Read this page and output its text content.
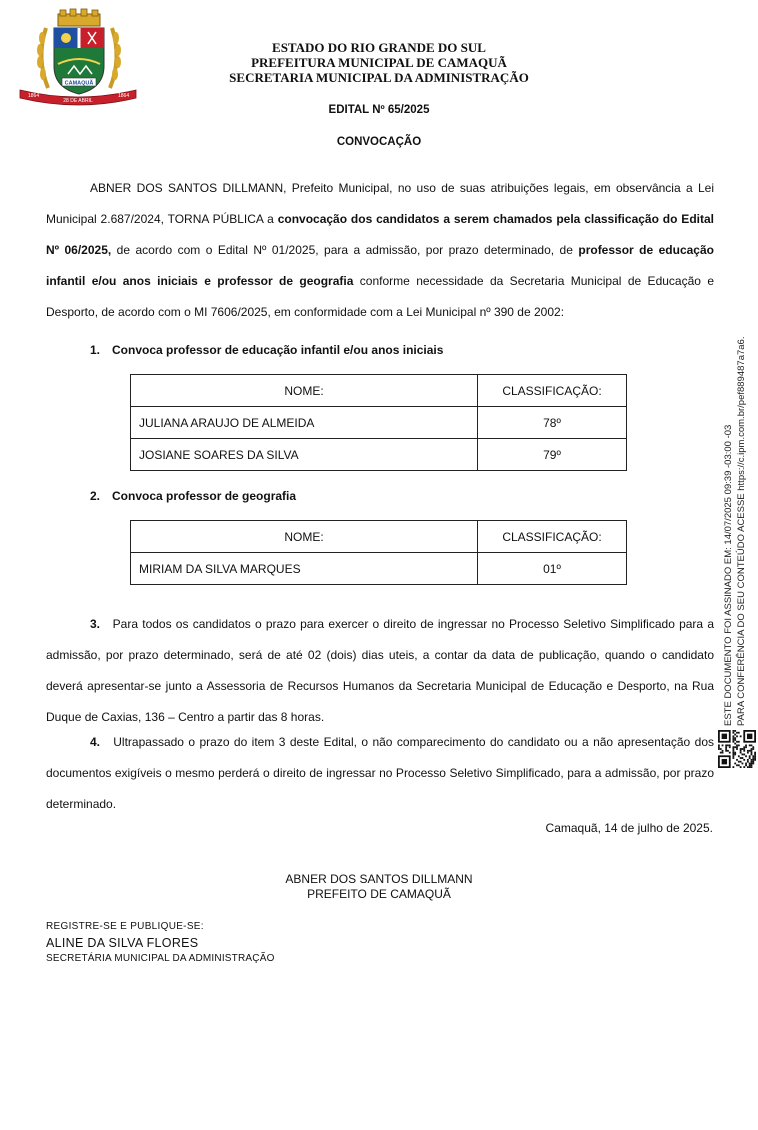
CAMAQUÃ
1864
28 DE ABRIL
1864
ESTADO DO RIO GRANDE DO SUL
PREFEITURA MUNICIPAL DE CAMAQUÃ
SECRETARIA MUNICIPAL DA ADMINISTRAÇÃO
EDITAL Nº 65/2025
CONVOCAÇÃO
ABNER DOS SANTOS DILLMANN, Prefeito Municipal, no uso de suas atribuições legais, em observância a Lei Municipal 2.687/2024, TORNA PÚBLICA a convocação dos candidatos a serem chamados pela classificação do Edital Nº 06/2025, de acordo com o Edital Nº 01/2025, para a admissão, por prazo determinado, de professor de educação infantil e/ou anos iniciais e professor de geografia conforme necessidade da Secretaria Municipal de Educação e Desporto, de acordo com o MI 7606/2025, em conformidade com a Lei Municipal nº 390 de 2002:
1. Convoca professor de educação infantil e/ou anos iniciais
NOME:	CLASSIFICAÇÃO:
JULIANA ARAUJO DE ALMEIDA	78º
JOSIANE SOARES DA SILVA	79º
2. Convoca professor de geografia
NOME:	CLASSIFICAÇÃO:
MIRIAM DA SILVA MARQUES	01º
3. Para todos os candidatos o prazo para exercer o direito de ingressar no Processo Seletivo Simplificado para a admissão, por prazo determinado, será de até 02 (dois) dias uteis, a contar da data de publicação, quando o candidato deverá apresentar-se junto a Assessoria de Recursos Humanos da Secretaria Municipal de Educação e Desporto, na Rua Duque de Caxias, 136 – Centro a partir das 8 horas.
4. Ultrapassado o prazo do item 3 deste Edital, o não comparecimento do candidato ou a não apresentação dos documentos exigíveis o mesmo perderá o direito de ingressar no Processo Seletivo Simplificado, para a admissão, por prazo determinado.
Camaquã, 14 de julho de 2025.
ABNER DOS SANTOS DILLMANN
PREFEITO DE CAMAQUÃ
REGISTRE-SE E PUBLIQUE-SE:
ALINE DA SILVA FLORES
SECRETÁRIA MUNICIPAL DA ADMINISTRAÇÃO
ESTE DOCUMENTO FOI ASSINADO EM: 14/07/2025 09:39 -03:00 -03 PARA CONFERÊNCIA DO SEU CONTEÚDO ACESSE https://c.ipm.com.br/pef889487a7a6.
